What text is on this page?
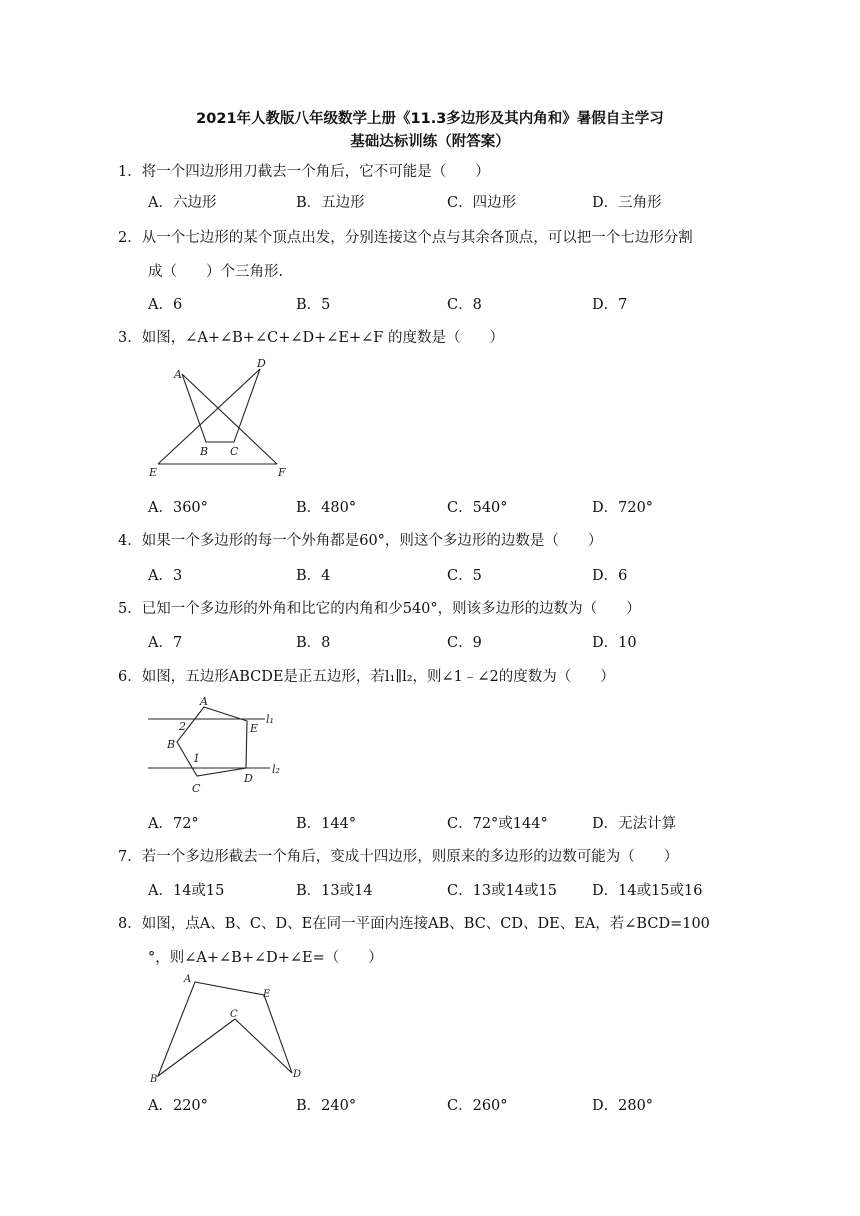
2021年人教版八年级数学上册《11.3多边形及其内角和》暑假自主学习
基础达标训练（附答案）
1．将一个四边形用刀截去一个角后，它不可能是（　　）
A．六边形	B．五边形	C．四边形	D．三角形
2．从一个七边形的某个顶点出发，分别连接这个点与其余各顶点，可以把一个七边形分割
成（　　）个三角形.
A．6	B．5	C．8	D．7
3．如图，∠A+∠B+∠C+∠D+∠E+∠F 的度数是（　　）
A
D
B C
E	F
A．360°	B．480°	C．540°	D．720°
4．如果一个多边形的每一个外角都是60°，则这个多边形的边数是（　　）
A．3	B．4	C．5	D．6
5．已知一个多边形的外角和比它的内角和少540°，则该多边形的边数为（　　）
A．7	B．8	C．9	D．10
6．如图，五边形ABCDE是正五边形，若l₁∥l₂，则∠1﹣∠2的度数为（　　）
A
E
B
C
D
1
2
l₁
l₂
A．72°	B．144°	C．72°或144°	D．无法计算
7．若一个多边形截去一个角后，变成十四边形，则原来的多边形的边数可能为（　　）
A．14或15	B．13或14	C．13或14或15 D．14或15或16
8．如图，点A、B、C、D、E在同一平面内连接AB、BC、CD、DE、EA，若∠BCD=100
°，则∠A+∠B+∠D+∠E=（　　）
A
E
C
B	D
A．220°	B．240°	C．260°	D．280°
